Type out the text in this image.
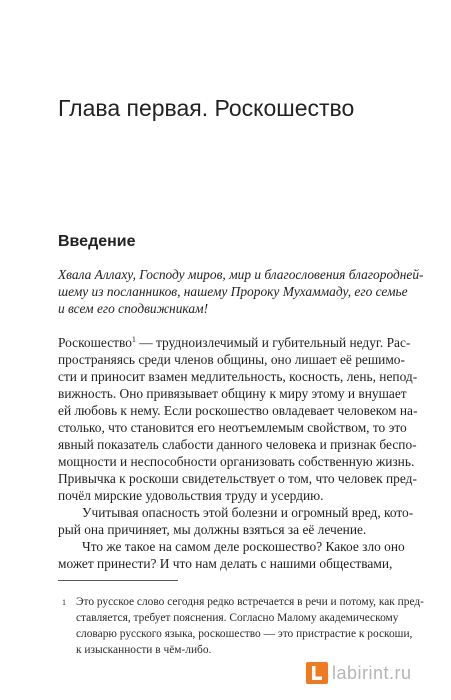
Глава первая. Роскошество
Введение
Хвала Аллаху, Господу миров, мир и благословения благородней-
шему из посланников, нашему Пророку Мухаммаду, его семье
и всем его сподвижникам!
Роскошество$^1$ — трудноизлечимый и губительный недуг. Рас-
пространяясь среди членов общины, оно лишает её решимо-
сти и приносит взамен медлительность, косность, лень, непод-
вижность. Оно привязывает общину к миру этому и внушает
ей любовь к нему. Если роскошество овладевает человеком на-
столько, что становится его неотъемлемым свойством, то это
явный показатель слабости данного человека и признак беспо-
мощности и неспособности организовать собственную жизнь.
Привычка к роскоши свидетельствует о том, что человек пред-
почёл мирские удовольствия труду и усердию.
Учитывая опасность этой болезни и огромный вред, кото-
рый она причиняет, мы должны взяться за её лечение.
Что же такое на самом деле роскошество? Какое зло оно
может принести? И что нам делать с нашими обществами,
1 Это русское слово сегодня редко встречается в речи и потому, как пред-
ставляется, требует пояснения. Согласно Малому академическому
словарю русского языка, роскошество — это пристрастие к роскоши,
к изысканности в чём-либо.
labirint.ru
